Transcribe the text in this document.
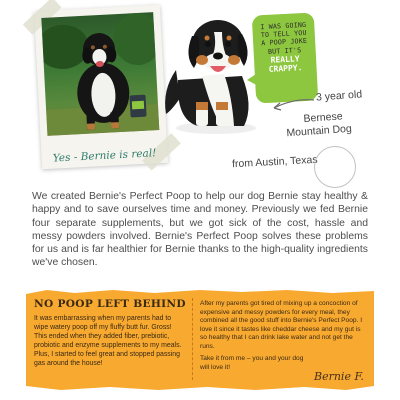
Yes - Bernie is real!
I WAS GOING
TO TELL YOU
A POOP JOKE
BUT IT'S
REALLY
CRAPPY.
3 year old
Bernese
Mountain Dog
from Austin, Texas

We created Bernie's Perfect Poop to help our dog Bernie stay healthy & happy and to save ourselves time and money. Previously we fed Bernie four separate supplements, but we got sick of the cost, hassle and messy powders involved. Bernie's Perfect Poop solves these problems for us and is far healthier for Bernie thanks to the high-quality ingredients we've chosen.

NO POOP LEFT BEHIND

It was embarrassing when my parents had to wipe watery poop off my fluffy butt fur. Gross! This ended when they added fiber, prebiotic, probiotic and enzyme supplements to my meals. Plus, I started to feel great and stopped passing gas around the house!

After my parents got tired of mixing up a concoction of expensive and messy powders for every meal, they combined all the good stuff into Bernie's Perfect Poop. I love it since it tastes like cheddar cheese and my gut is so healthy that I can drink lake water and not get the runs.

Take it from me – you and your dog will love it!

Bernie F.
